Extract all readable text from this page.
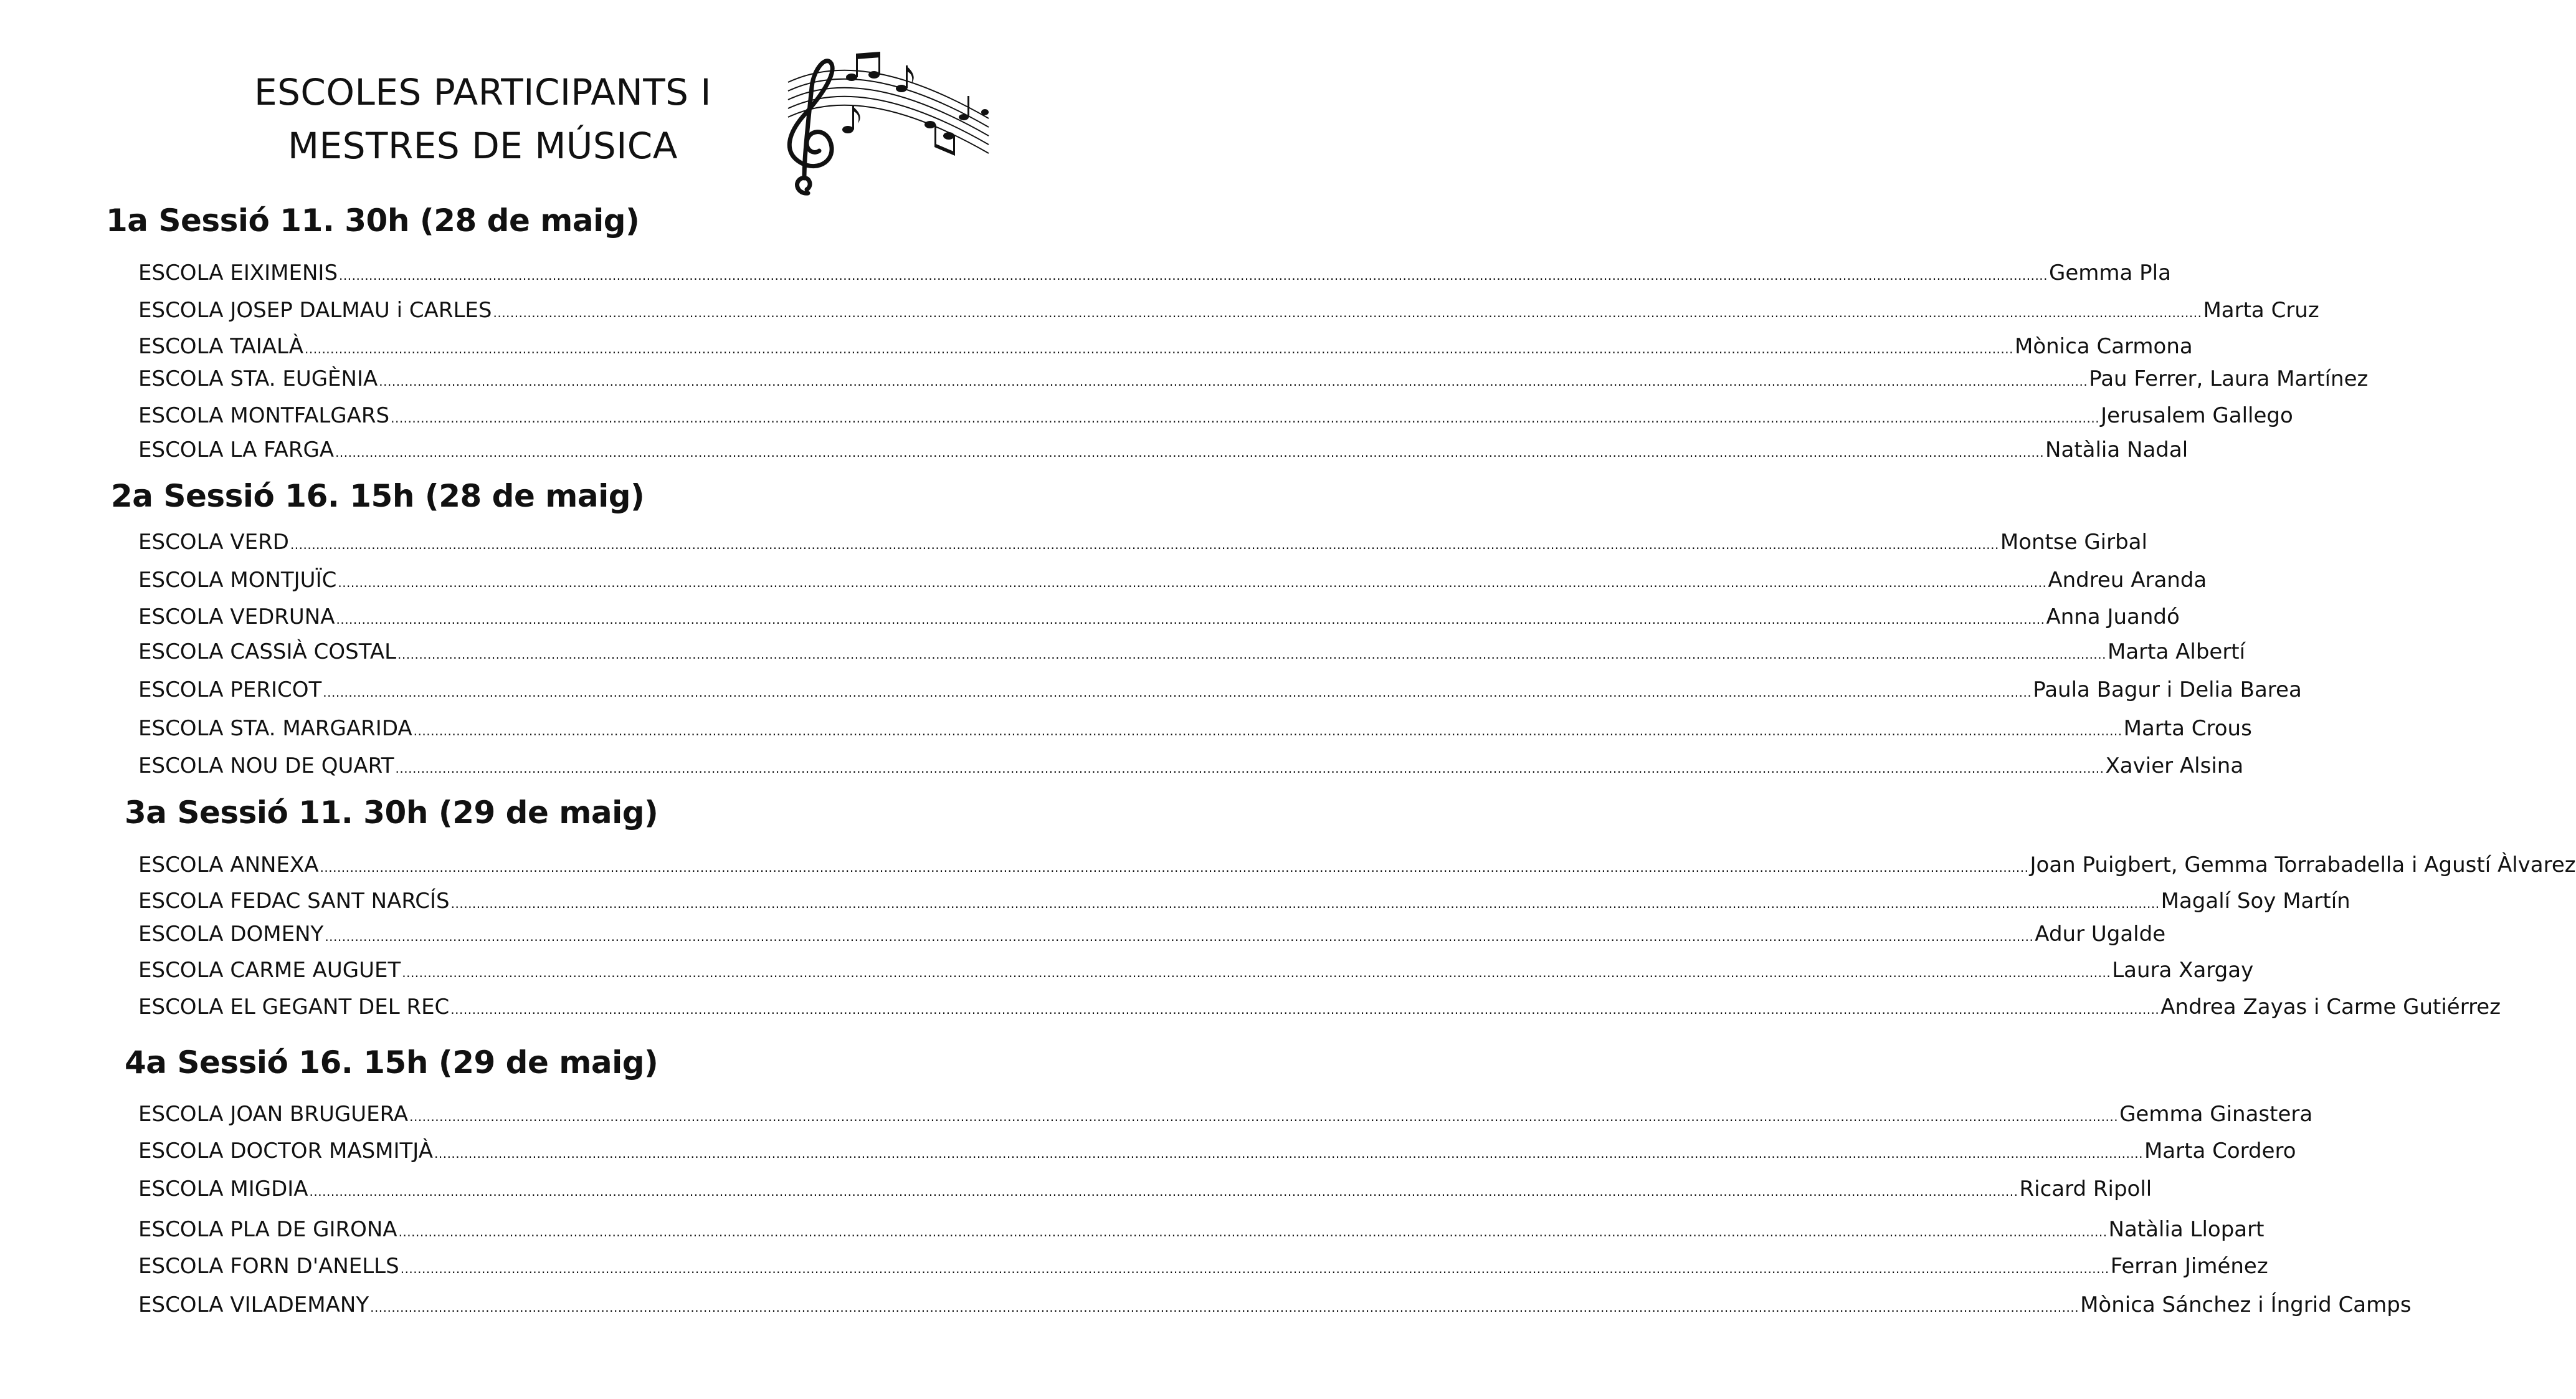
ESCOLES PARTICIPANTS I
MESTRES DE MÚSICA
1a Sessió 11. 30h (28 de maig)
ESCOLA EIXIMENIS ................................................................................................................................................................................................................................................................................................................................................................................................................ Gemma Pla
ESCOLA JOSEP DALMAU i CARLES ................................................................................................................................................................................................................................................................................................................................................................................................................ Marta Cruz
ESCOLA TAIALÀ ................................................................................................................................................................................................................................................................................................................................................................................................................ Mònica Carmona
ESCOLA STA. EUGÈNIA ................................................................................................................................................................................................................................................................................................................................................................................................................ Pau Ferrer, Laura Martínez
ESCOLA MONTFALGARS ................................................................................................................................................................................................................................................................................................................................................................................................................ Jerusalem Gallego
ESCOLA LA FARGA ................................................................................................................................................................................................................................................................................................................................................................................................................ Natàlia Nadal
2a Sessió 16. 15h (28 de maig)
ESCOLA VERD ................................................................................................................................................................................................................................................................................................................................................................................................................ Montse Girbal
ESCOLA MONTJUÏC ................................................................................................................................................................................................................................................................................................................................................................................................................ Andreu Aranda
ESCOLA VEDRUNA ................................................................................................................................................................................................................................................................................................................................................................................................................ Anna Juandó
ESCOLA CASSIÀ COSTAL ................................................................................................................................................................................................................................................................................................................................................................................................................ Marta Albertí
ESCOLA PERICOT ................................................................................................................................................................................................................................................................................................................................................................................................................ Paula Bagur i Delia Barea
ESCOLA STA. MARGARIDA ................................................................................................................................................................................................................................................................................................................................................................................................................ Marta Crous
ESCOLA NOU DE QUART ................................................................................................................................................................................................................................................................................................................................................................................................................ Xavier Alsina
3a Sessió 11. 30h (29 de maig)
ESCOLA ANNEXA ................................................................................................................................................................................................................................................................................................................................................................................................................ Joan Puigbert, Gemma Torrabadella i Agustí Àlvarez
ESCOLA FEDAC SANT NARCÍS ................................................................................................................................................................................................................................................................................................................................................................................................................ Magalí Soy Martín
ESCOLA DOMENY ................................................................................................................................................................................................................................................................................................................................................................................................................ Adur Ugalde
ESCOLA CARME AUGUET ................................................................................................................................................................................................................................................................................................................................................................................................................ Laura Xargay
ESCOLA EL GEGANT DEL REC ................................................................................................................................................................................................................................................................................................................................................................................................................ Andrea Zayas i Carme Gutiérrez
4a Sessió 16. 15h (29 de maig)
ESCOLA JOAN BRUGUERA ................................................................................................................................................................................................................................................................................................................................................................................................................ Gemma Ginastera
ESCOLA DOCTOR MASMITJÀ ................................................................................................................................................................................................................................................................................................................................................................................................................ Marta Cordero
ESCOLA MIGDIA ................................................................................................................................................................................................................................................................................................................................................................................................................ Ricard Ripoll
ESCOLA PLA DE GIRONA ................................................................................................................................................................................................................................................................................................................................................................................................................ Natàlia Llopart
ESCOLA FORN D'ANELLS ................................................................................................................................................................................................................................................................................................................................................................................................................ Ferran Jiménez
ESCOLA VILADEMANY ................................................................................................................................................................................................................................................................................................................................................................................................................ Mònica Sánchez i Íngrid Camps
